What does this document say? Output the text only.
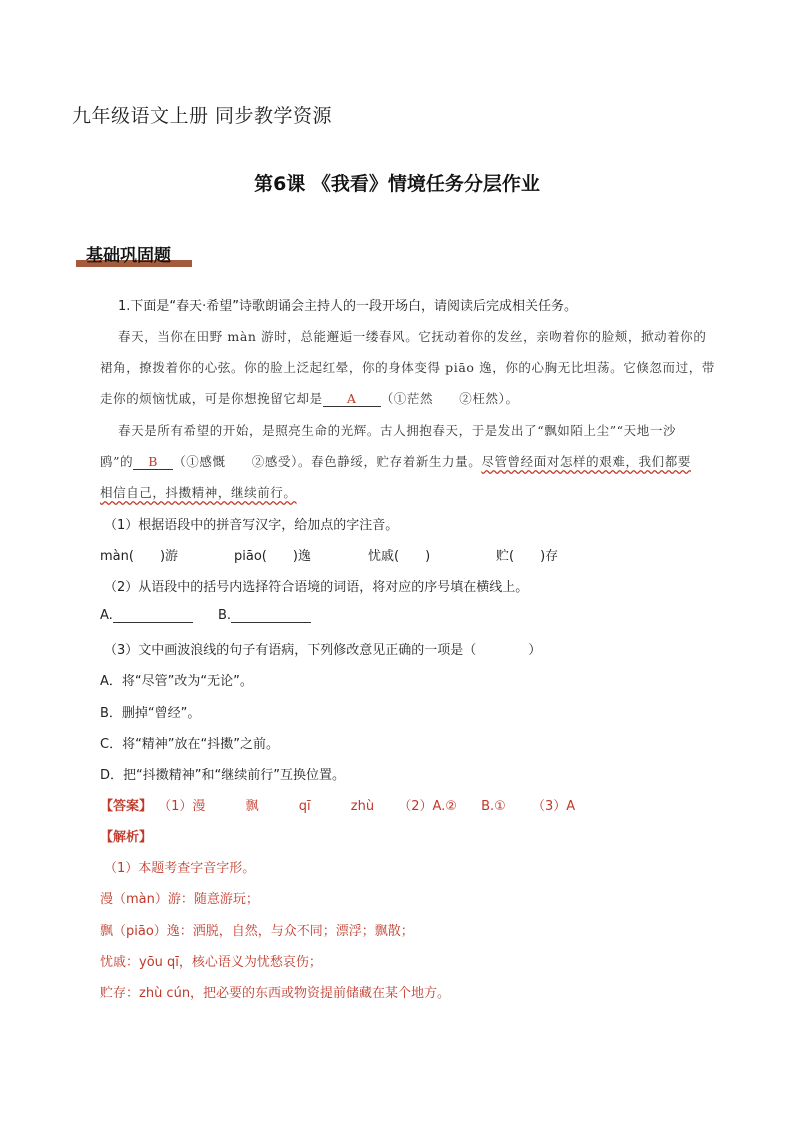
九年级语文上册 同步教学资源
第6课 《我看》情境任务分层作业
基础巩固题
1.下面是“春天·希望”诗歌朗诵会主持人的一段开场白，请阅读后完成相关任务。
春天，当你在田野 màn 游时，总能邂逅一缕春风。它抚动着你的发丝，亲吻着你的脸颊，掀动着你的
裙角，撩拨着你的心弦。你的脸上泛起红晕，你的身体变得 piāo 逸，你的心胸无比坦荡。它倏忽而过，带
走你的烦恼忧戚，可是你想挽留它却是 A （①茫然　　②枉然）。
春天是所有希望的开始，是照亮生命的光辉。古人拥抱春天，于是发出了“飘如陌上尘”“天地一沙
鸥”的 B （①感慨　　②感受）。春色静绥，贮存着新生力量。尽管曾经面对怎样的艰难，我们都要
相信自己，抖擞精神，继续前行。
（1）根据语段中的拼音写汉字，给加点的字注音。
màn(　　)游	piāo(　　)逸	忧戚(　　)	贮(　　)存
（2）从语段中的括号内选择符合语境的词语，将对应的序号填在横线上。
A.	B.
（3）文中画波浪线的句子有语病，下列修改意见正确的一项是（　　　　）
A．将“尽管”改为“无论”。
B．删掉“曾经”。
C．将“精神”放在“抖擞”之前。
D．把“抖擞精神”和“继续前行”互换位置。
【答案】 （1）漫	飘	qī	zhù （2）A.② B.① （3）A
【解析】
（1）本题考查字音字形。
漫（màn）游：随意游玩；
飘（piāo）逸：洒脱，自然，与众不同；漂浮；飘散；
忧戚：yōu qī，核心语义为忧愁哀伤；
贮存：zhù cún，把必要的东西或物资提前储藏在某个地方。
